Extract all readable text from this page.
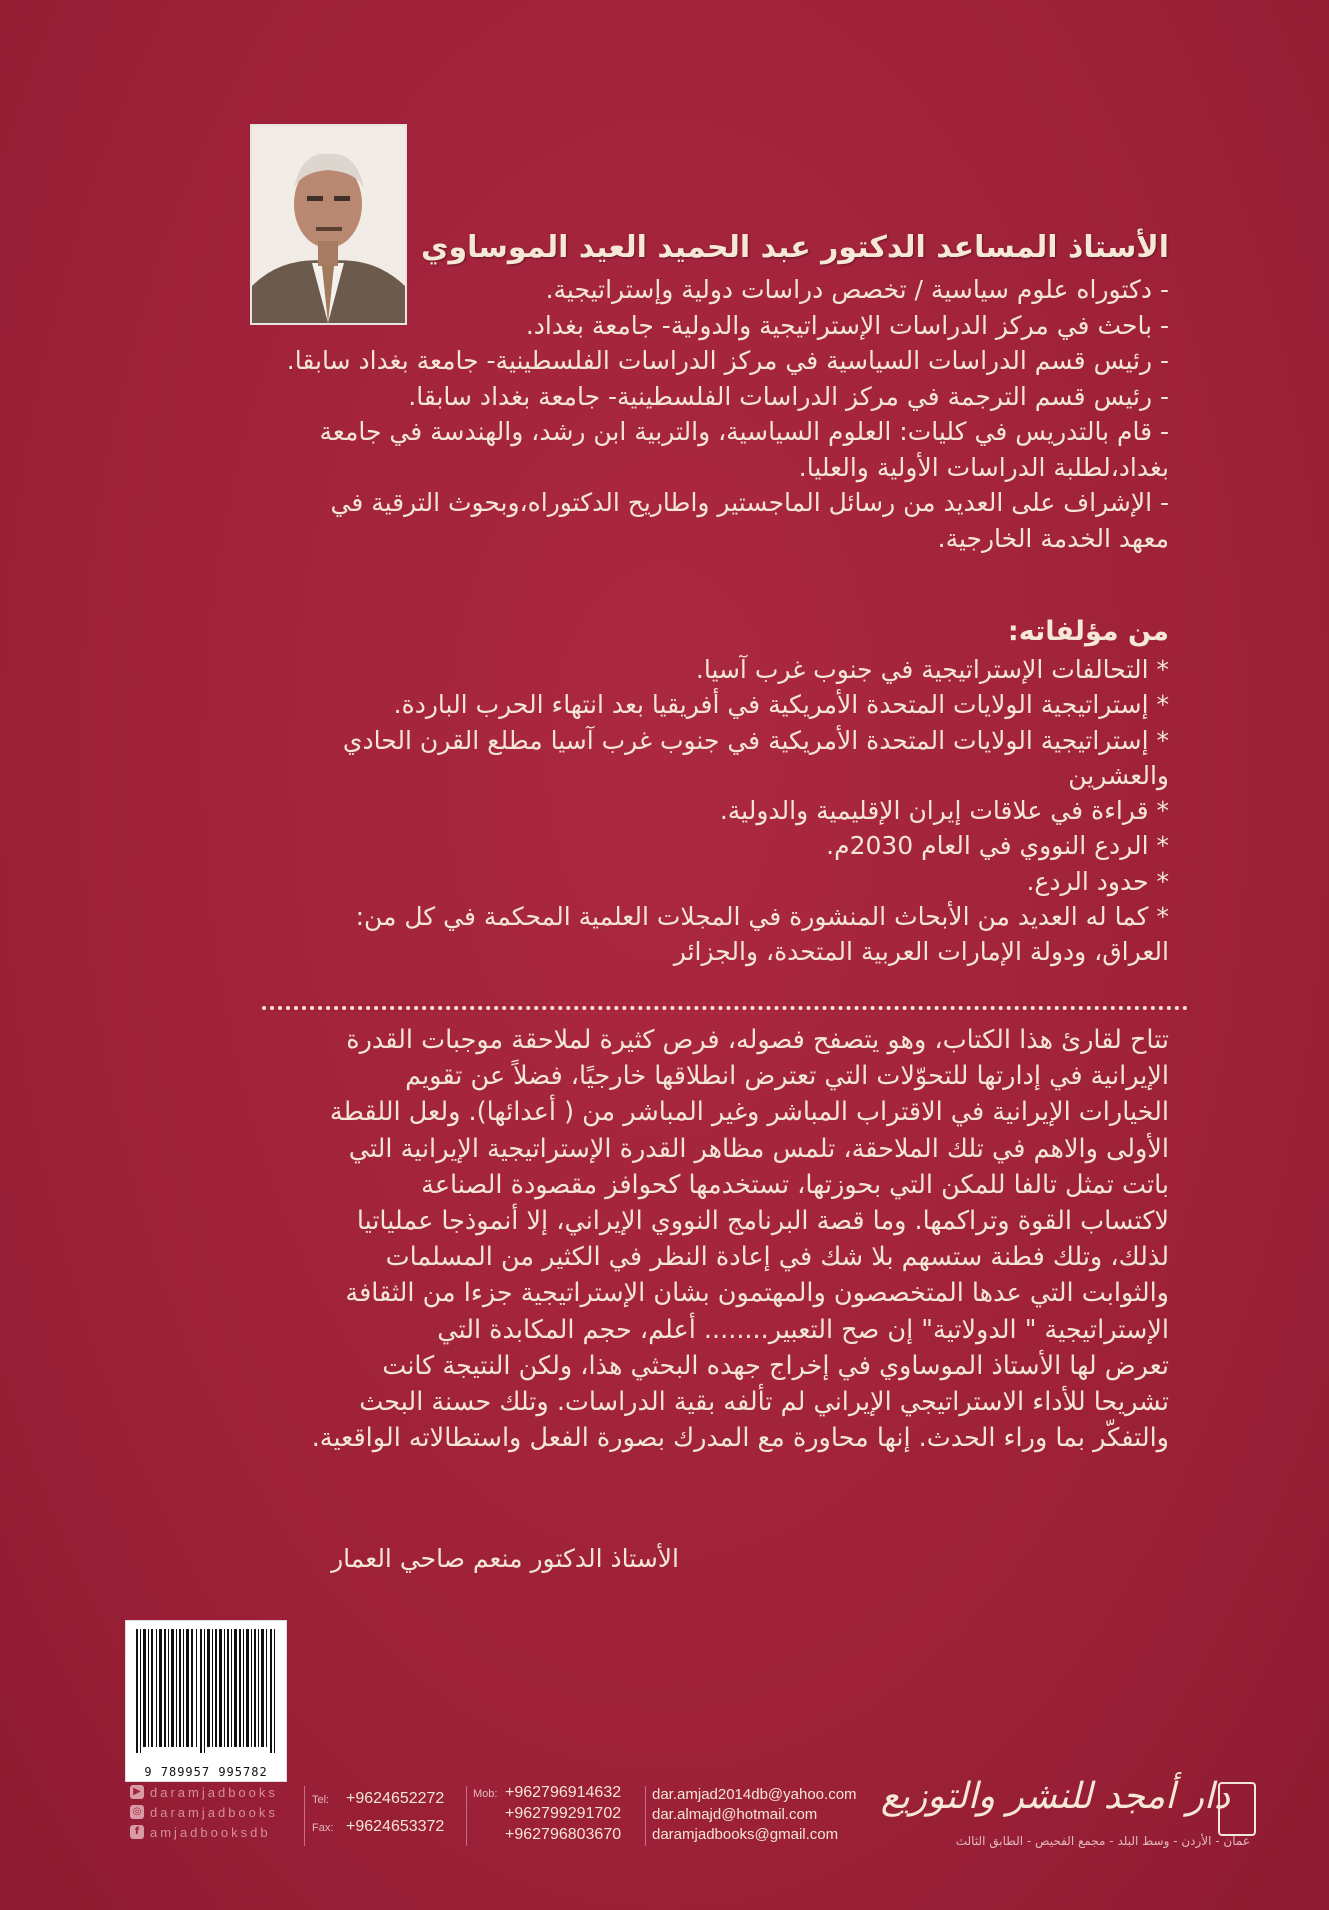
الأستاذ المساعد الدكتور عبد الحميد العيد الموساوي
- دكتوراه علوم سياسية / تخصص دراسات دولية وإستراتيجية.
- باحث في مركز الدراسات الإستراتيجية والدولية- جامعة بغداد.
- رئيس قسم الدراسات السياسية في مركز الدراسات الفلسطينية- جامعة بغداد سابقا.
- رئيس قسم الترجمة في مركز الدراسات الفلسطينية- جامعة بغداد سابقا.
- قام بالتدريس في كليات: العلوم السياسية، والتربية ابن رشد، والهندسة في جامعة
بغداد،لطلبة الدراسات الأولية والعليا.
- الإشراف على العديد من رسائل الماجستير واطاريح الدكتوراه،وبحوث الترقية في
معهد الخدمة الخارجية.
من مؤلفاته:
* التحالفات الإستراتيجية في جنوب غرب آسيا.
* إستراتيجية الولايات المتحدة الأمريكية في أفريقيا بعد انتهاء الحرب الباردة.
* إستراتيجية الولايات المتحدة الأمريكية في جنوب غرب آسيا مطلع القرن الحادي
والعشرين
* قراءة في علاقات إيران الإقليمية والدولية.
* الردع النووي في العام 2030م.
* حدود الردع.
* كما له العديد من الأبحاث المنشورة في المجلات العلمية المحكمة في كل من:
العراق، ودولة الإمارات العربية المتحدة، والجزائر
تتاح لقارئ هذا الكتاب، وهو يتصفح فصوله، فرص كثيرة لملاحقة موجبات القدرة
الإيرانية في إدارتها للتحوّلات التي تعترض انطلاقها خارجيًا، فضلاً عن تقويم
الخيارات الإيرانية في الاقتراب المباشر وغير المباشر من ( أعدائها). ولعل اللقطة
الأولى والاهم في تلك الملاحقة، تلمس مظاهر القدرة الإستراتيجية الإيرانية التي
باتت تمثل تالفا للمكن التي بحوزتها، تستخدمها كحوافز مقصودة الصناعة
لاكتساب القوة وتراكمها. وما قصة البرنامج النووي الإيراني، إلا أنموذجا عملياتيا
لذلك، وتلك فطنة ستسهم بلا شك في إعادة النظر في الكثير من المسلمات
والثوابت التي عدها المتخصصون والمهتمون بشان الإستراتيجية جزءا من الثقافة
الإستراتيجية " الدولاتية" إن صح التعبير........ أعلم، حجم المكابدة التي
تعرض لها الأستاذ الموساوي في إخراج جهده البحثي هذا، ولكن النتيجة كانت
تشريحا للأداء الاستراتيجي الإيراني لم تألفه بقية الدراسات. وتلك حسنة البحث
والتفكّر بما وراء الحدث. إنها محاورة مع المدرك بصورة الفعل واستطالاته الواقعية.
الأستاذ الدكتور منعم صاحي العمار
9 789957 995782
▶ daramjadbooks
◎ daramjadbooks
f amjadbooksdb
Tel:	+9624652272
Fax: +9624653372
Mob: +962796914632
+962799291702
+962796803670
dar.amjad2014db@yahoo.com
dar.almajd@hotmail.com
daramjadbooks@gmail.com
دار أمجد للنشر والتوزيع
عمان - الأردن - وسط البلد - مجمع الفحيص - الطابق الثالث
